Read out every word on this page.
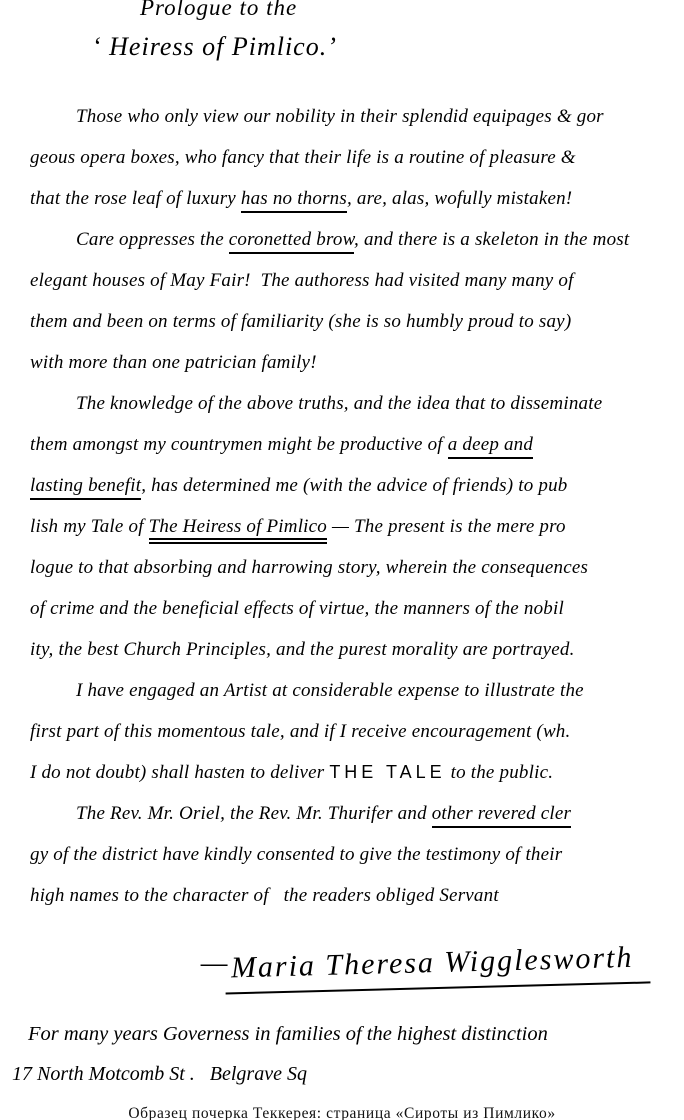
Prologue to the
‘ Heiress of Pimlico.’
Those who only view our nobility in their splendid equipages & gor
geous opera boxes, who fancy that their life is a routine of pleasure &
that the rose leaf of luxury has no thorns, are, alas, wofully mistaken!
Care oppresses the coronetted brow, and there is a skeleton in the most
elegant houses of May Fair!  The authoress had visited many many of
them and been on terms of familiarity (she is so humbly proud to say)
with more than one patrician family!
The knowledge of the above truths, and the idea that to disseminate
them amongst my countrymen might be productive of a deep and
lasting benefit, has determined me (with the advice of friends) to pub
lish my Tale of The Heiress of Pimlico — The present is the mere pro
logue to that absorbing and harrowing story, wherein the consequences
of crime and the beneficial effects of virtue, the manners of the nobil
ity, the best Church Principles, and the purest morality are portrayed.
I have engaged an Artist at considerable expense to illustrate the
first part of this momentous tale, and if I receive encouragement (wh.
I do not doubt) shall hasten to deliver THE TALE to the public.
The Rev. Mr. Oriel, the Rev. Mr. Thurifer and other revered cler
gy of the district have kindly consented to give the testimony of their
high names to the character of   the readers obliged Servant

— Maria Theresa Wigglesworth

For many years Governess in families of the highest distinction
17 North Motcomb St .   Belgrave Sq
Образец почерка Теккерея: страница «Сироты из Пимлико»
